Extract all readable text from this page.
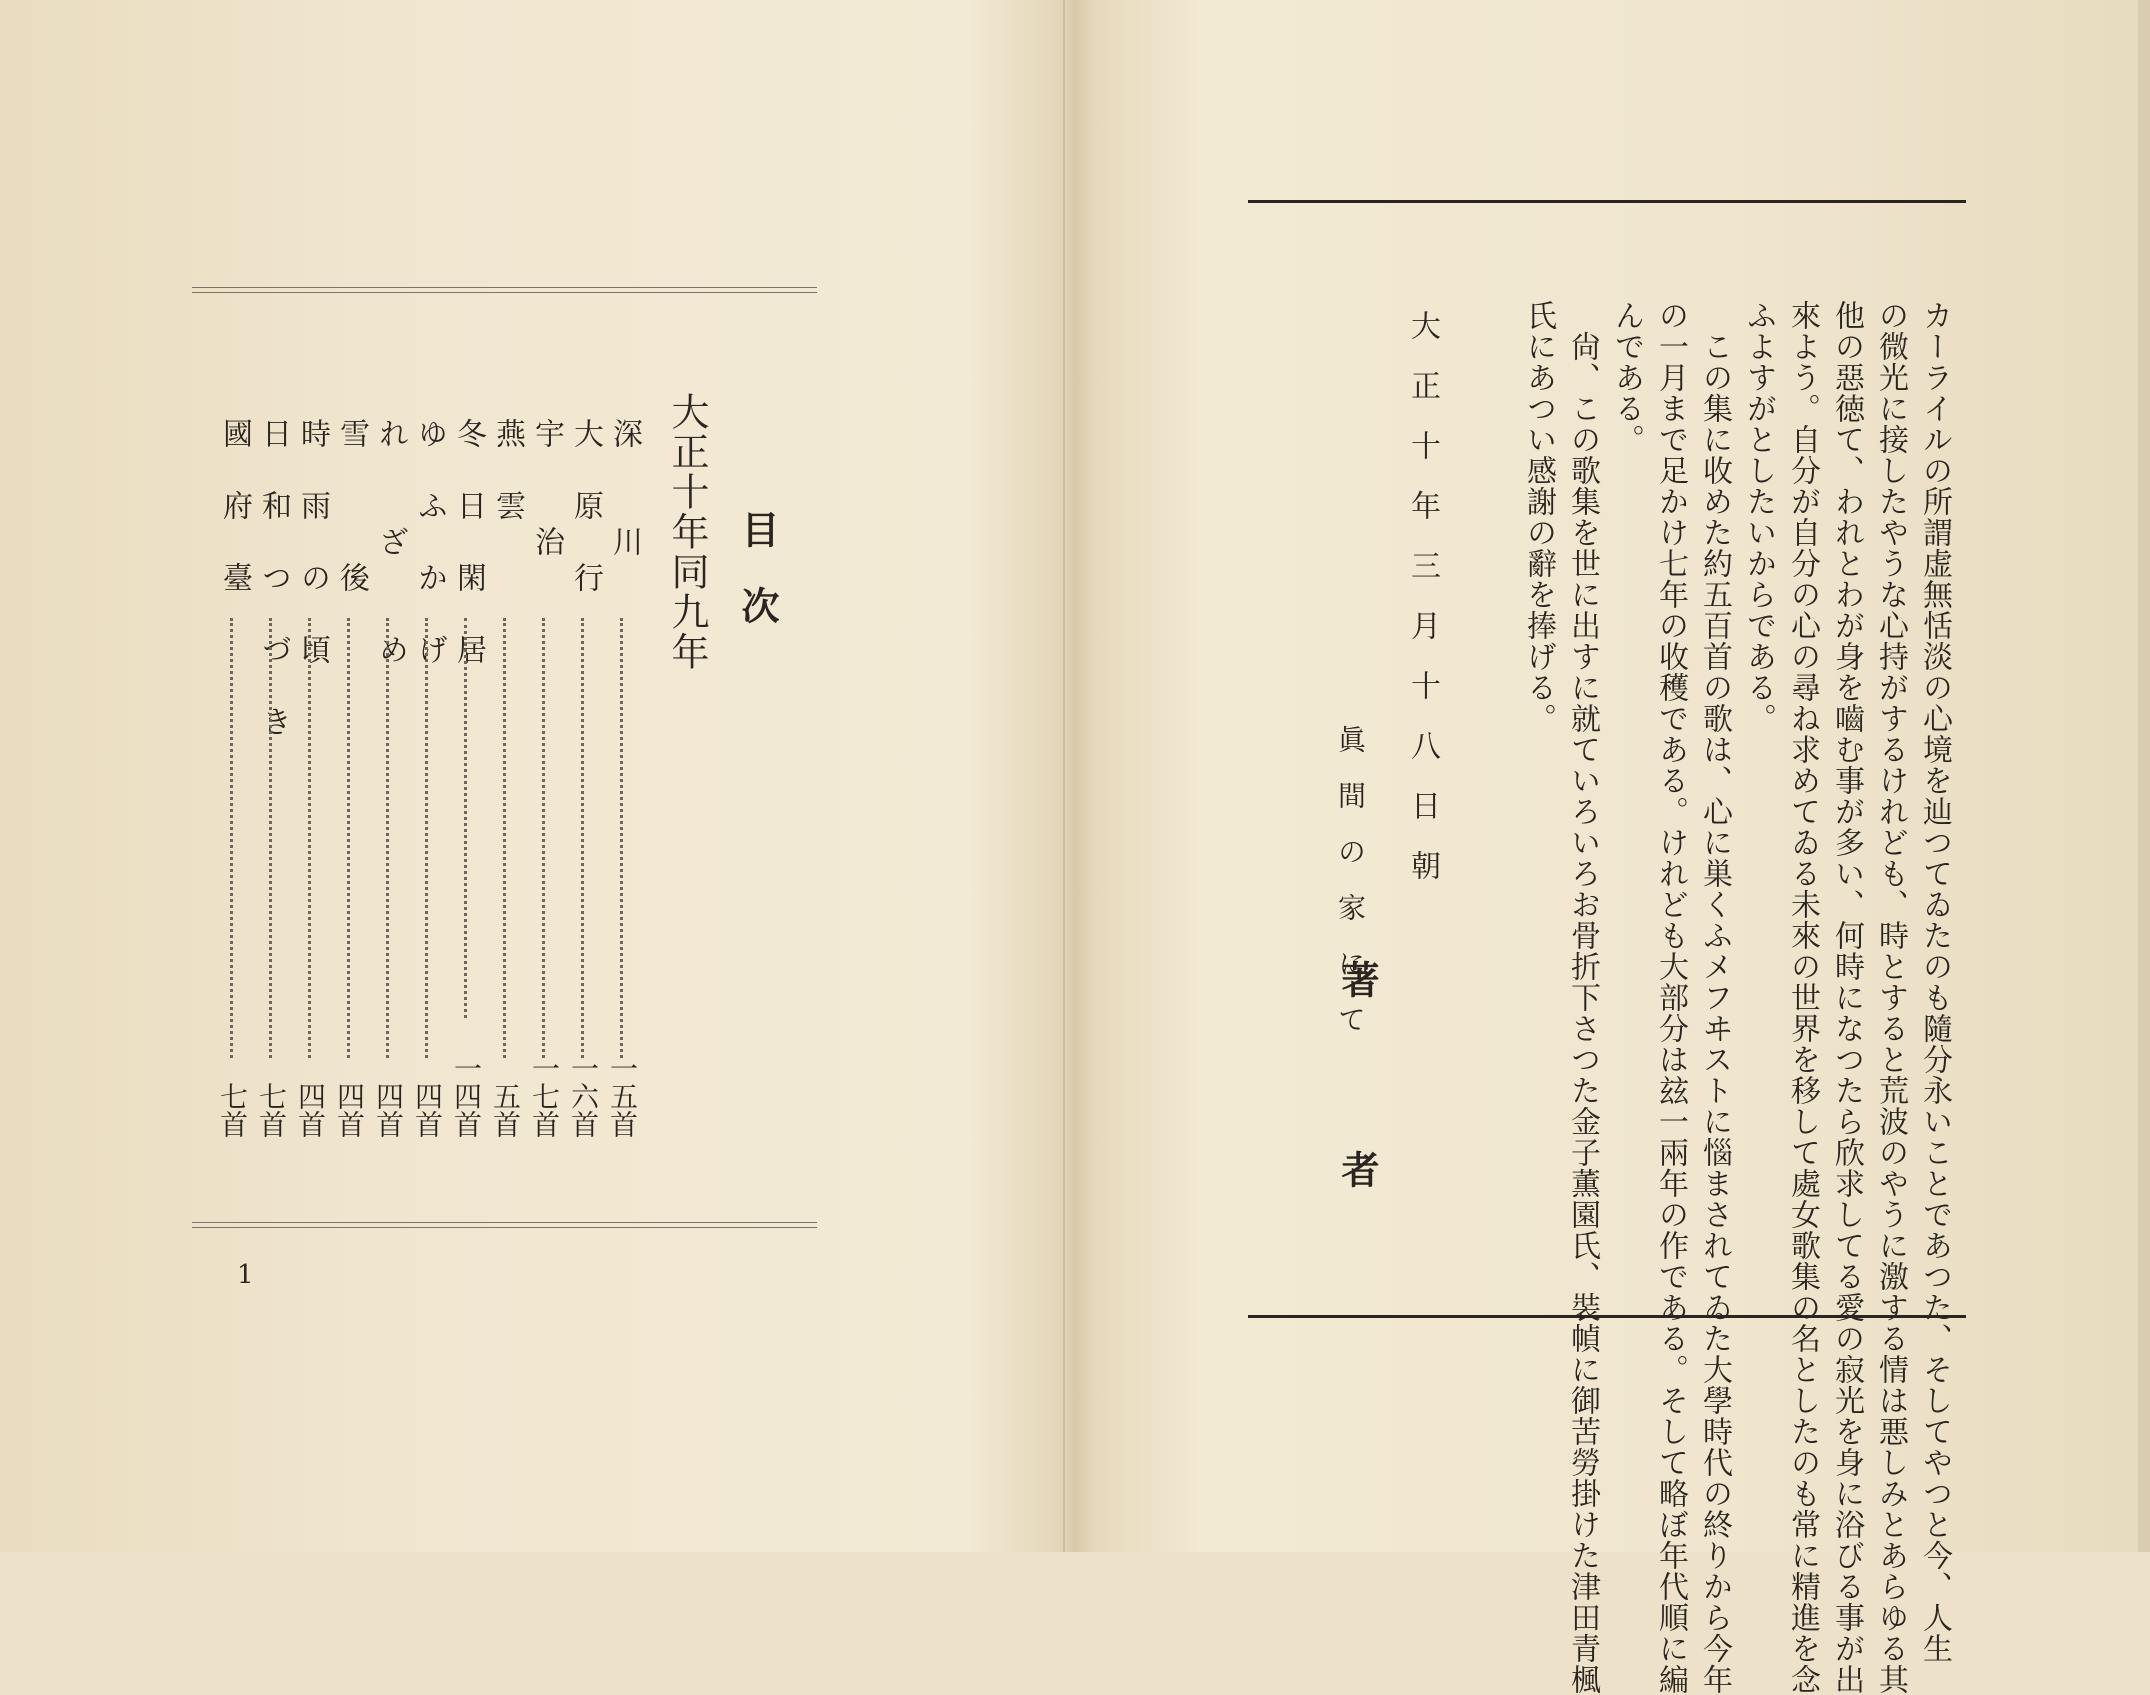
目　次
大正十年同九年
深　　川
一五首
大　原　行
一六首
宇　　治
一七首
燕　雲
五首
冬　日　閑　居
一四首
ゆ　ふ　か　げ
四首
れ　　ざ　　め
四首
雪　　　後
四首
時　雨　の　頃
四首
日　和　つ　づ　き
七首
國　府　臺
七首
1	カーライルの所謂虚無恬淡の心境を辿つてゐたのも隨分永いことであつた、そしてやつと今、人生
の微光に接したやうな心持がするけれども、時とすると荒波のやうに激する情は悪しみとあらゆる其
他の惡徳て、われとわが身を嚙む事が多い、何時になつたら欣求してる愛の寂光を身に浴びる事が出
來よう。自分が自分の心の尋ね求めてゐる未來の世界を移して處女歌集の名としたのも常に精進を念
ふよすがとしたいからである。
　この集に收めた約五百首の歌は、心に巣くふメフヰストに惱まされてゐた大學時代の終りから今年
の一月まで足かけ七年の收穫である。けれども大部分は玆一兩年の作である。そして略ぼ年代順に編
んである。
　尙、この歌集を世に出すに就ていろいろお骨折下さつた金子薫園氏、裝幀に御苦勞掛けた津田青楓
氏にあつい感謝の辭を捧げる。
大　正　十　年　三　月　十　八　日　朝
眞　間　の　家　に　て
著　　　　者
